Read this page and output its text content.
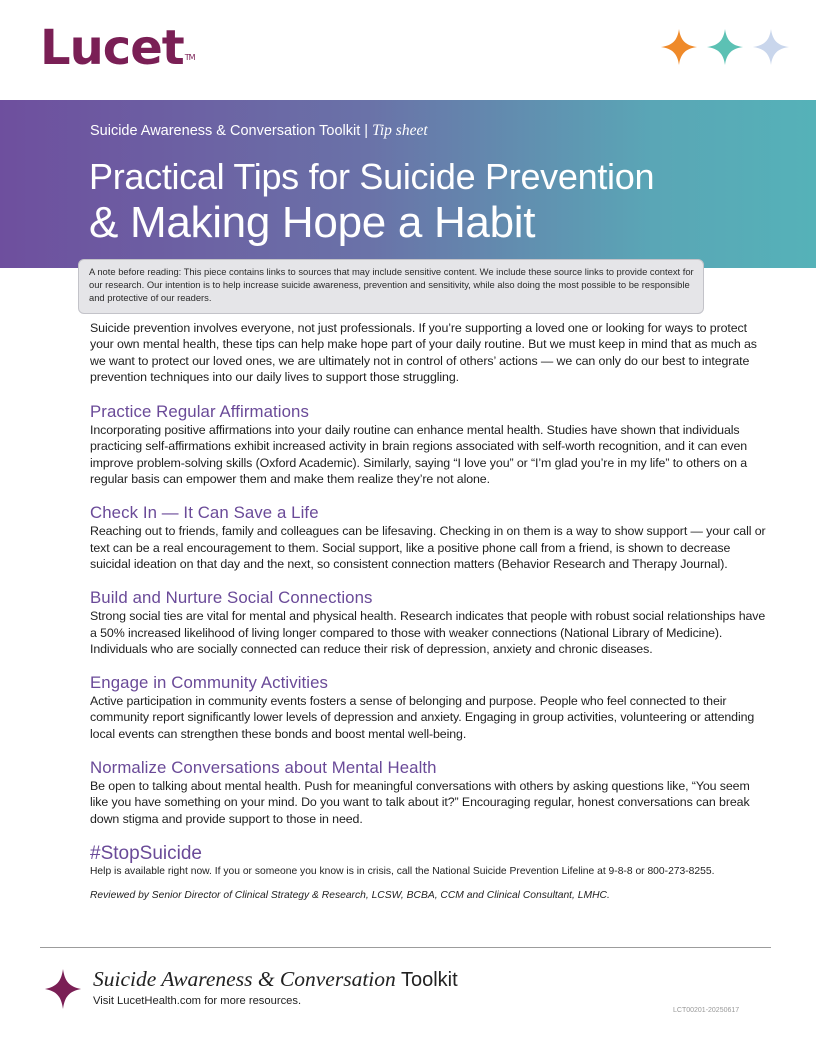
Lucet™
Suicide Awareness & Conversation Toolkit | Tip sheet
Practical Tips for Suicide Prevention
& Making Hope a Habit
A note before reading: This piece contains links to sources that may include sensitive content. We include these source links to provide context for our research. Our intention is to help increase suicide awareness, prevention and sensitivity, while also doing the most possible to be responsible and protective of our readers.

Suicide prevention involves everyone, not just professionals. If you’re supporting a loved one or looking for ways to protect your own mental health, these tips can help make hope part of your daily routine. But we must keep in mind that as much as we want to protect our loved ones, we are ultimately not in control of others’ actions — we can only do our best to integrate prevention techniques into our daily lives to support those struggling.

Practice Regular Affirmations

Incorporating positive affirmations into your daily routine can enhance mental health. Studies have shown that individuals practicing self-affirmations exhibit increased activity in brain regions associated with self-worth recognition, and it can even improve problem-solving skills (Oxford Academic). Similarly, saying “I love you” or “I’m glad you’re in my life” to others on a regular basis can empower them and make them realize they’re not alone.

Check In — It Can Save a Life

Reaching out to friends, family and colleagues can be lifesaving. Checking in on them is a way to show support — your call or text can be a real encouragement to them. Social support, like a positive phone call from a friend, is shown to decrease suicidal ideation on that day and the next, so consistent connection matters (Behavior Research and Therapy Journal).

Build and Nurture Social Connections

Strong social ties are vital for mental and physical health. Research indicates that people with robust social relationships have a 50% increased likelihood of living longer compared to those with weaker connections (National Library of Medicine). Individuals who are socially connected can reduce their risk of depression, anxiety and chronic diseases.

Engage in Community Activities

Active participation in community events fosters a sense of belonging and purpose. People who feel connected to their community report significantly lower levels of depression and anxiety. Engaging in group activities, volunteering or attending local events can strengthen these bonds and boost mental well-being.

Normalize Conversations about Mental Health

Be open to talking about mental health. Push for meaningful conversations with others by asking questions like, “You seem like you have something on your mind. Do you want to talk about it?” Encouraging regular, honest conversations can break down stigma and provide support to those in need.

#StopSuicide
Help is available right now. If you or someone you know is in crisis, call the National Suicide Prevention Lifeline at 9-8-8 or 800-273-8255.
Reviewed by Senior Director of Clinical Strategy & Research, LCSW, BCBA, CCM and Clinical Consultant, LMHC.
Suicide Awareness & Conversation Toolkit
Visit LucetHealth.com for more resources.
LCT00201-20250617
